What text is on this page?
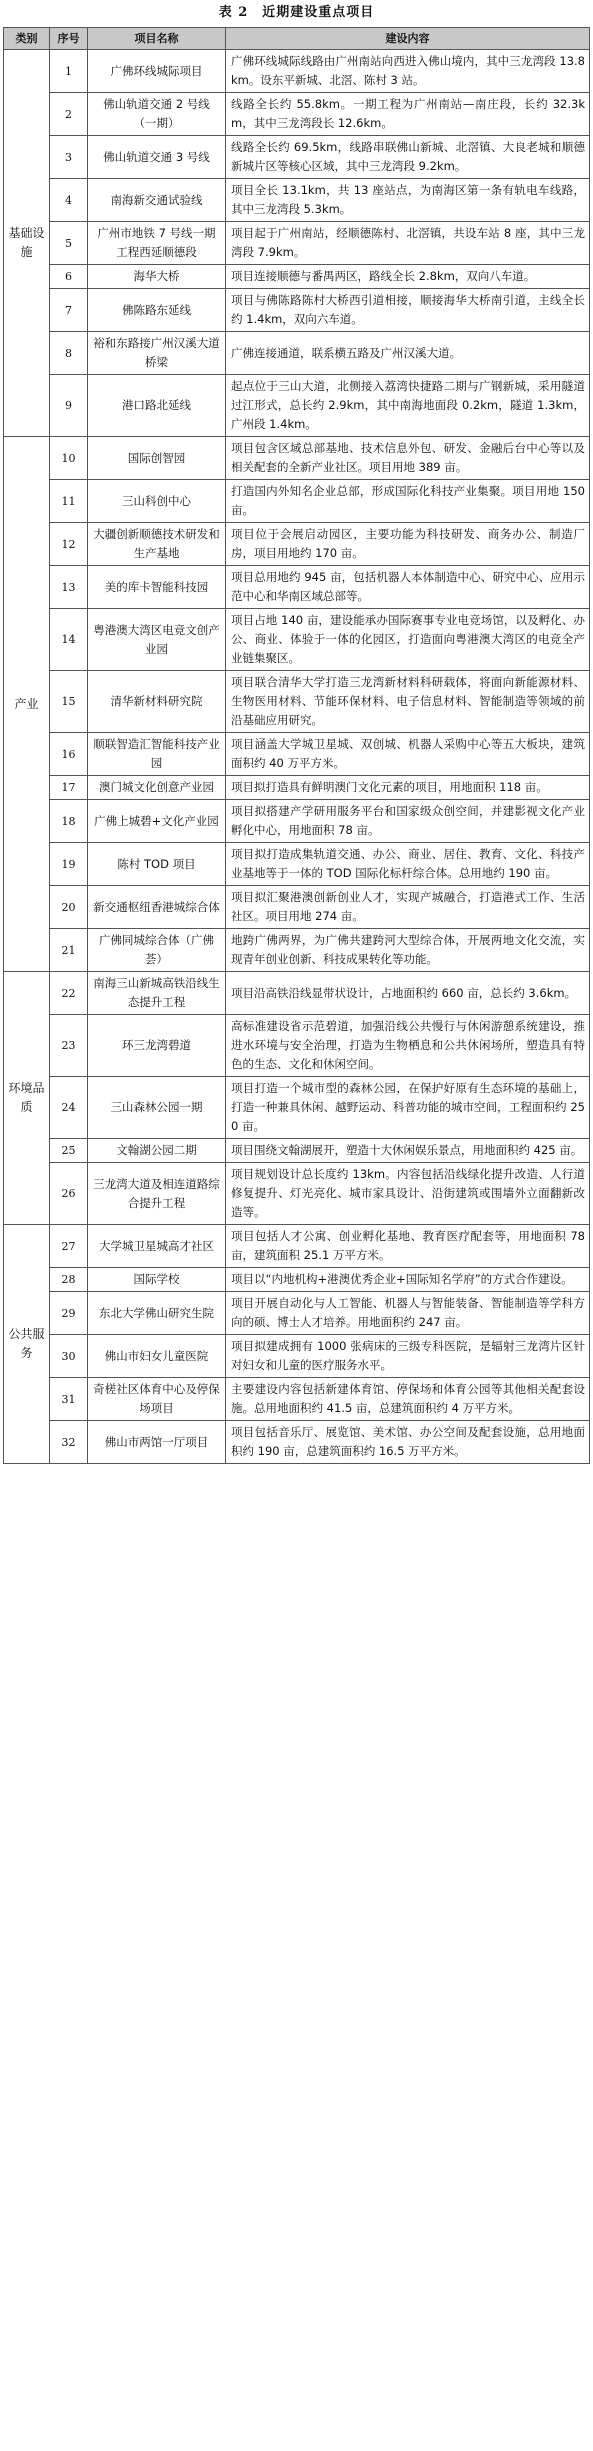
表 2　近期建设重点项目
类别	序号	项目名称	建设内容
基础设施	1	广佛环线城际项目	广佛环线城际线路由广州南站向西进入佛山境内，其中三龙湾段 13.8km。设东平新城、北滘、陈村 3 站。
	2	佛山轨道交通 2 号线（一期）	线路全长约 55.8km。一期工程为广州南站—南庄段，长约 32.3km，其中三龙湾段长 12.6km。
	3	佛山轨道交通 3 号线	线路全长约 69.5km，线路串联佛山新城、北滘镇、大良老城和顺德新城片区等核心区域，其中三龙湾段 9.2km。
	4	南海新交通试验线	项目全长 13.1km，共 13 座站点，为南海区第一条有轨电车线路，其中三龙湾段 5.3km。
	5	广州市地铁 7 号线一期工程西延顺德段	项目起于广州南站，经顺德陈村、北滘镇，共设车站 8 座，其中三龙湾段 7.9km。
	6	海华大桥	项目连接顺德与番禺两区，路线全长 2.8km，双向八车道。
	7	佛陈路东延线	项目与佛陈路陈村大桥西引道相接，顺接海华大桥南引道，主线全长约 1.4km，双向六车道。
	8	裕和东路接广州汉溪大道桥梁	广佛连接通道，联系横五路及广州汉溪大道。
	9	港口路北延线	起点位于三山大道，北侧接入荔湾快捷路二期与广钢新城，采用隧道过江形式，总长约 2.9km，其中南海地面段 0.2km，隧道 1.3km，广州段 1.4km。
产业	10	国际创智园	项目包含区域总部基地、技术信息外包、研发、金融后台中心等以及相关配套的全新产业社区。项目用地 389 亩。
	11	三山科创中心	打造国内外知名企业总部，形成国际化科技产业集聚。项目用地 150 亩。
	12	大疆创新顺德技术研发和生产基地	项目位于会展启动园区，主要功能为科技研发、商务办公、制造厂房，项目用地约 170 亩。
	13	美的库卡智能科技园	项目总用地约 945 亩，包括机器人本体制造中心、研究中心、应用示范中心和华南区域总部等。
	14	粤港澳大湾区电竞文创产业园	项目占地 140 亩，建设能承办国际赛事专业电竞场馆，以及孵化、办公、商业、体验于一体的化园区，打造面向粤港澳大湾区的电竞全产业链集聚区。
	15	清华新材料研究院	项目联合清华大学打造三龙湾新材料科研载体，将面向新能源材料、生物医用材料、节能环保材料、电子信息材料、智能制造等领域的前沿基础应用研究。
	16	顺联智造汇智能科技产业园	项目涵盖大学城卫星城、双创城、机器人采购中心等五大板块，建筑面积约 40 万平方米。
	17	澳门城文化创意产业园	项目拟打造具有鲜明澳门文化元素的项目，用地面积 118 亩。
	18	广佛上城碧+文化产业园	项目拟搭建产学研用服务平台和国家级众创空间，并建影视文化产业孵化中心，用地面积 78 亩。
	19	陈村 TOD 项目	项目拟打造成集轨道交通、办公、商业、居住、教育、文化、科技产业基地等于一体的 TOD 国际化标杆综合体。总用地约 190 亩。
	20	新交通枢纽香港城综合体	项目拟汇聚港澳创新创业人才，实现产城融合，打造港式工作、生活社区。项目用地 274 亩。
	21	广佛同城综合体（广佛荟）	地跨广佛两界，为广佛共建跨河大型综合体，开展两地文化交流，实现青年创业创新、科技成果转化等功能。
环境品质	22	南海三山新城高铁沿线生态提升工程	项目沿高铁沿线显带状设计，占地面积约 660 亩，总长约 3.6km。
	23	环三龙湾碧道	高标准建设省示范碧道，加强沿线公共慢行与休闲游憩系统建设，推进水环境与安全治理，打造为生物栖息和公共休闲场所，塑造具有特色的生态、文化和休闲空间。
	24	三山森林公园一期	项目打造一个城市型的森林公园，在保护好原有生态环境的基础上，打造一种兼具休闲、越野运动、科普功能的城市空间，工程面积约 250 亩。
	25	文翰湖公园二期	项目围绕文翰湖展开，塑造十大休闲娱乐景点，用地面积约 425 亩。
	26	三龙湾大道及相连道路综合提升工程	项目规划设计总长度约 13km。内容包括沿线绿化提升改造、人行道修复提升、灯光亮化、城市家具设计、沿街建筑或围墙外立面翻新改造等。
公共服务	27	大学城卫星城高才社区	项目包括人才公寓、创业孵化基地、教育医疗配套等，用地面积 78 亩，建筑面积 25.1 万平方米。
	28	国际学校	项目以“内地机构+港澳优秀企业+国际知名学府”的方式合作建设。
	29	东北大学佛山研究生院	项目开展自动化与人工智能、机器人与智能装备、智能制造等学科方向的硕、博士人才培养。用地面积约 247 亩。
	30	佛山市妇女儿童医院	项目拟建成拥有 1000 张病床的三级专科医院，是辐射三龙湾片区针对妇女和儿童的医疗服务水平。
	31	奇槎社区体育中心及停保场项目	主要建设内容包括新建体育馆、停保场和体育公园等其他相关配套设施。总用地面积约 41.5 亩，总建筑面积约 4 万平方米。
	32	佛山市两馆一厅项目	项目包括音乐厅、展览馆、美术馆、办公空间及配套设施，总用地面积约 190 亩，总建筑面积约 16.5 万平方米。
